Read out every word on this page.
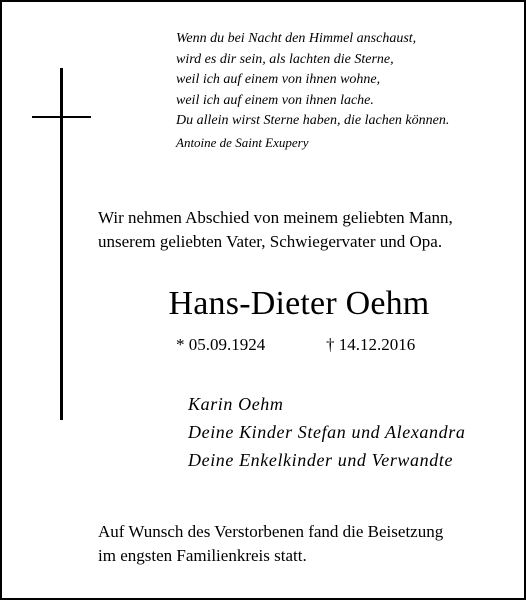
Wenn du bei Nacht den Himmel anschaust,
wird es dir sein, als lachten die Sterne,
weil ich auf einem von ihnen wohne,
weil ich auf einem von ihnen lache.
Du allein wirst Sterne haben, die lachen können.
Antoine de Saint Exupery
Wir nehmen Abschied von meinem geliebten Mann,
unserem geliebten Vater, Schwiegervater und Opa.
Hans-Dieter Oehm
* 05.09.1924	† 14.12.2016
Karin Oehm
Deine Kinder Stefan und Alexandra
Deine Enkelkinder und Verwandte
Auf Wunsch des Verstorbenen fand die Beisetzung
im engsten Familienkreis statt.
